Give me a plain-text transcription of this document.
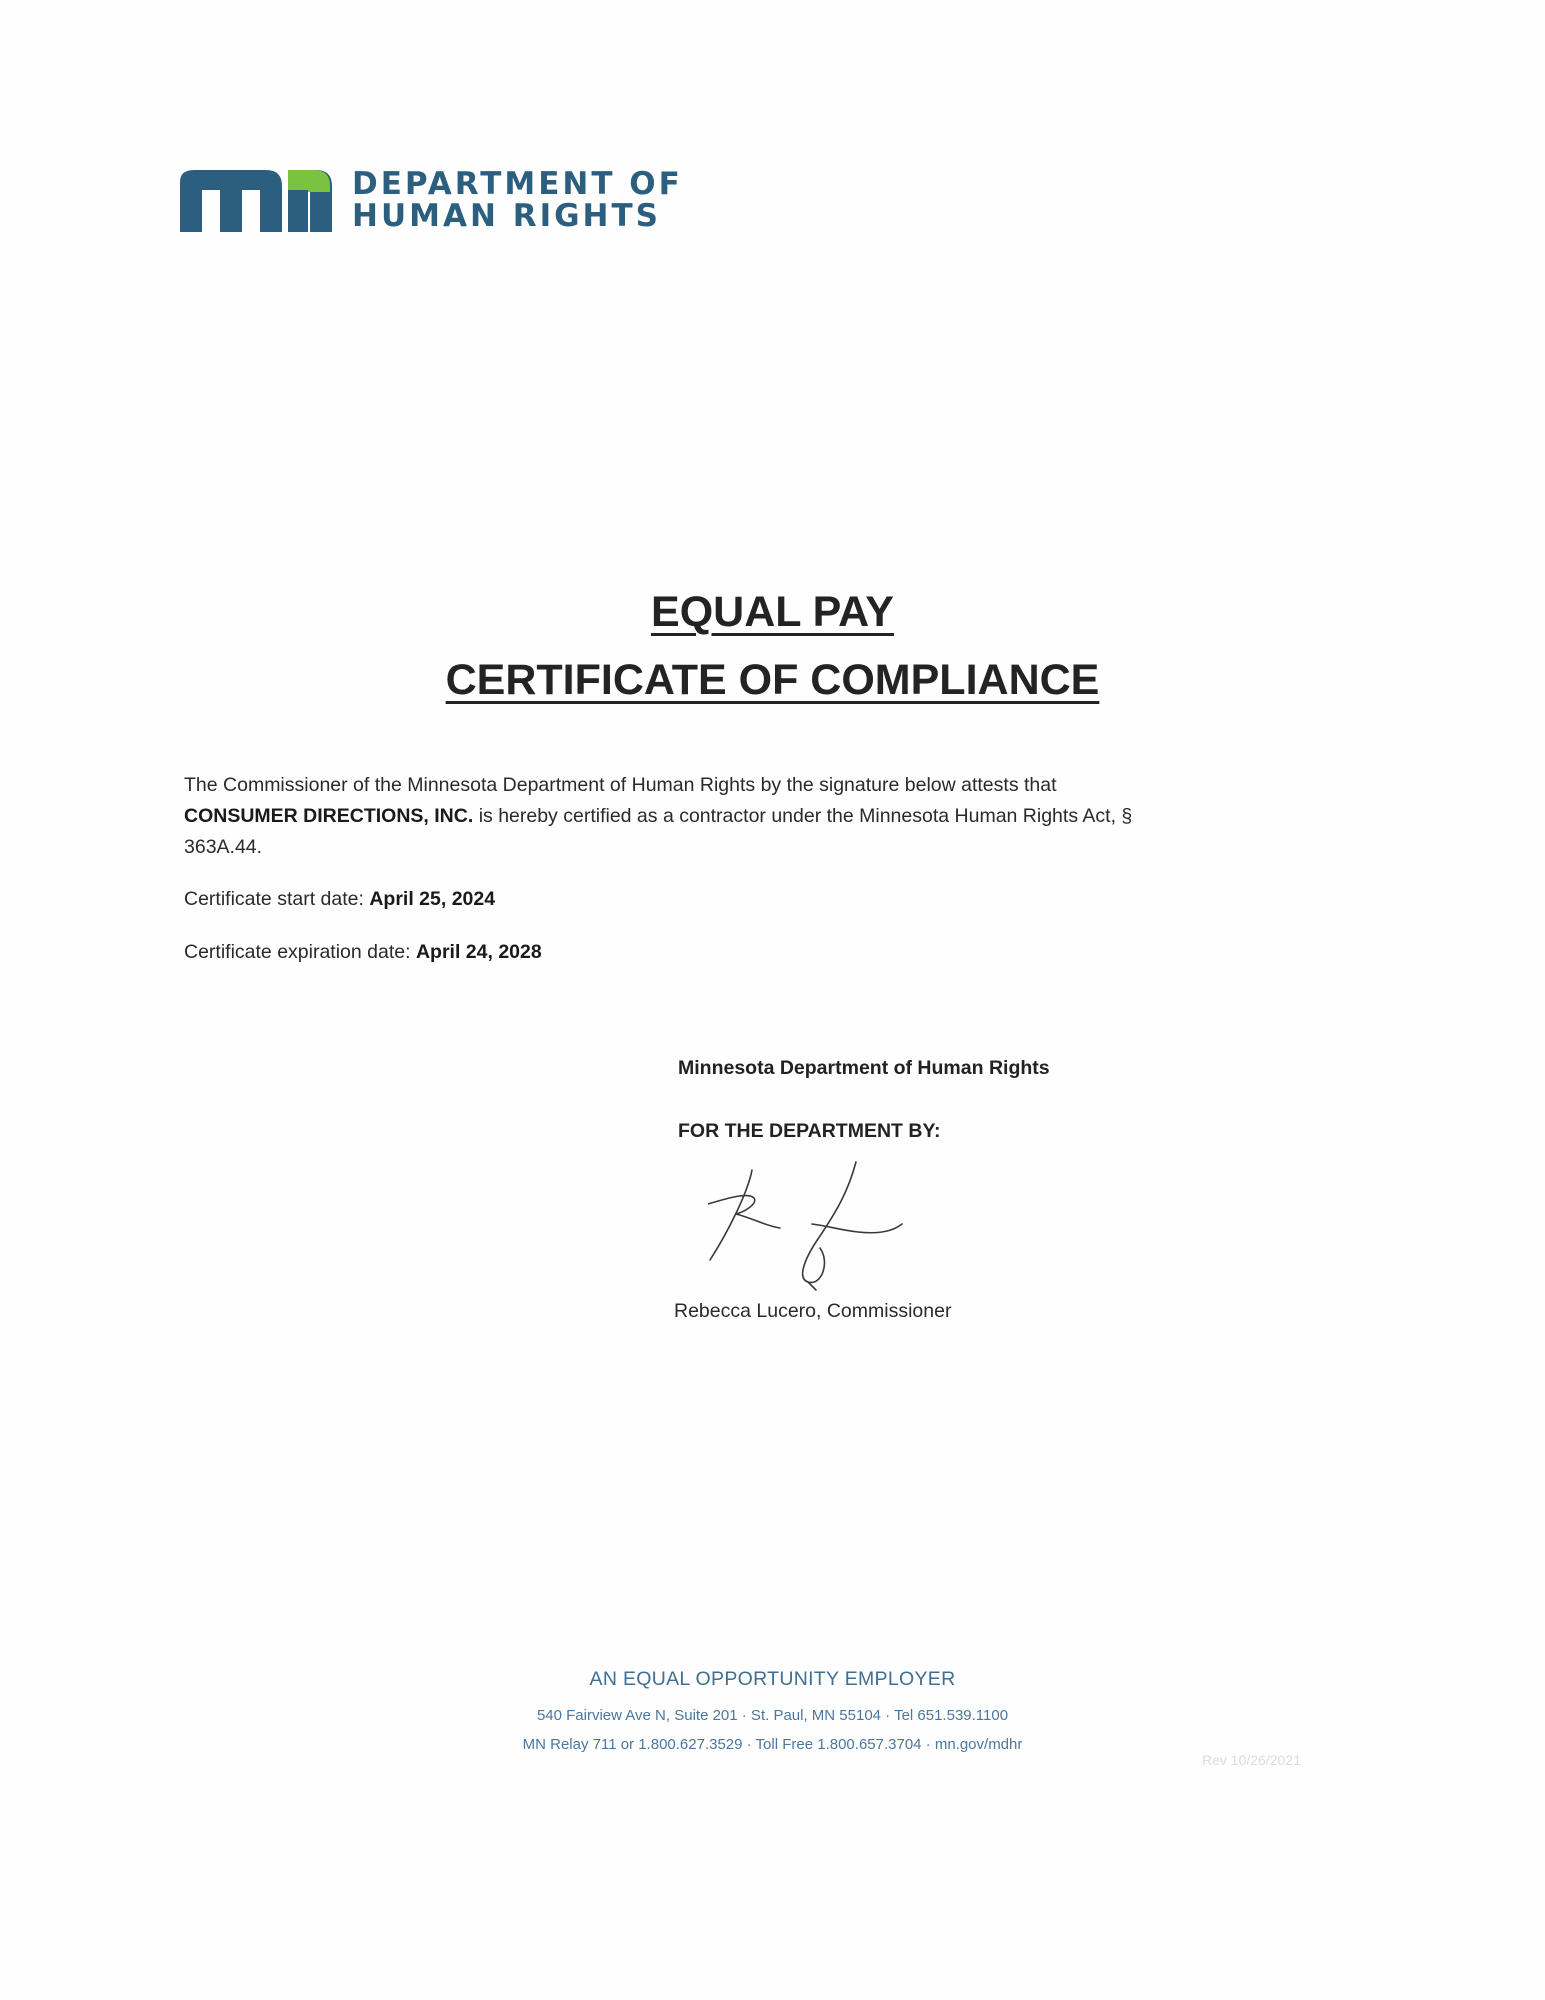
DEPARTMENT OF
HUMAN RIGHTS
EQUAL PAY
CERTIFICATE OF COMPLIANCE
The Commissioner of the Minnesota Department of Human Rights by the signature below attests that
CONSUMER DIRECTIONS, INC. is hereby certified as a contractor under the Minnesota Human Rights Act, §
363A.44.
Certificate start date: April 25, 2024
Certificate expiration date: April 24, 2028
Minnesota Department of Human Rights
FOR THE DEPARTMENT BY:
Rebecca Lucero, Commissioner
AN EQUAL OPPORTUNITY EMPLOYER
540 Fairview Ave N, Suite 201 · St. Paul, MN 55104 · Tel 651.539.1100
MN Relay 711 or 1.800.627.3529 · Toll Free 1.800.657.3704 · mn.gov/mdhr
Rev 10/26/2021
